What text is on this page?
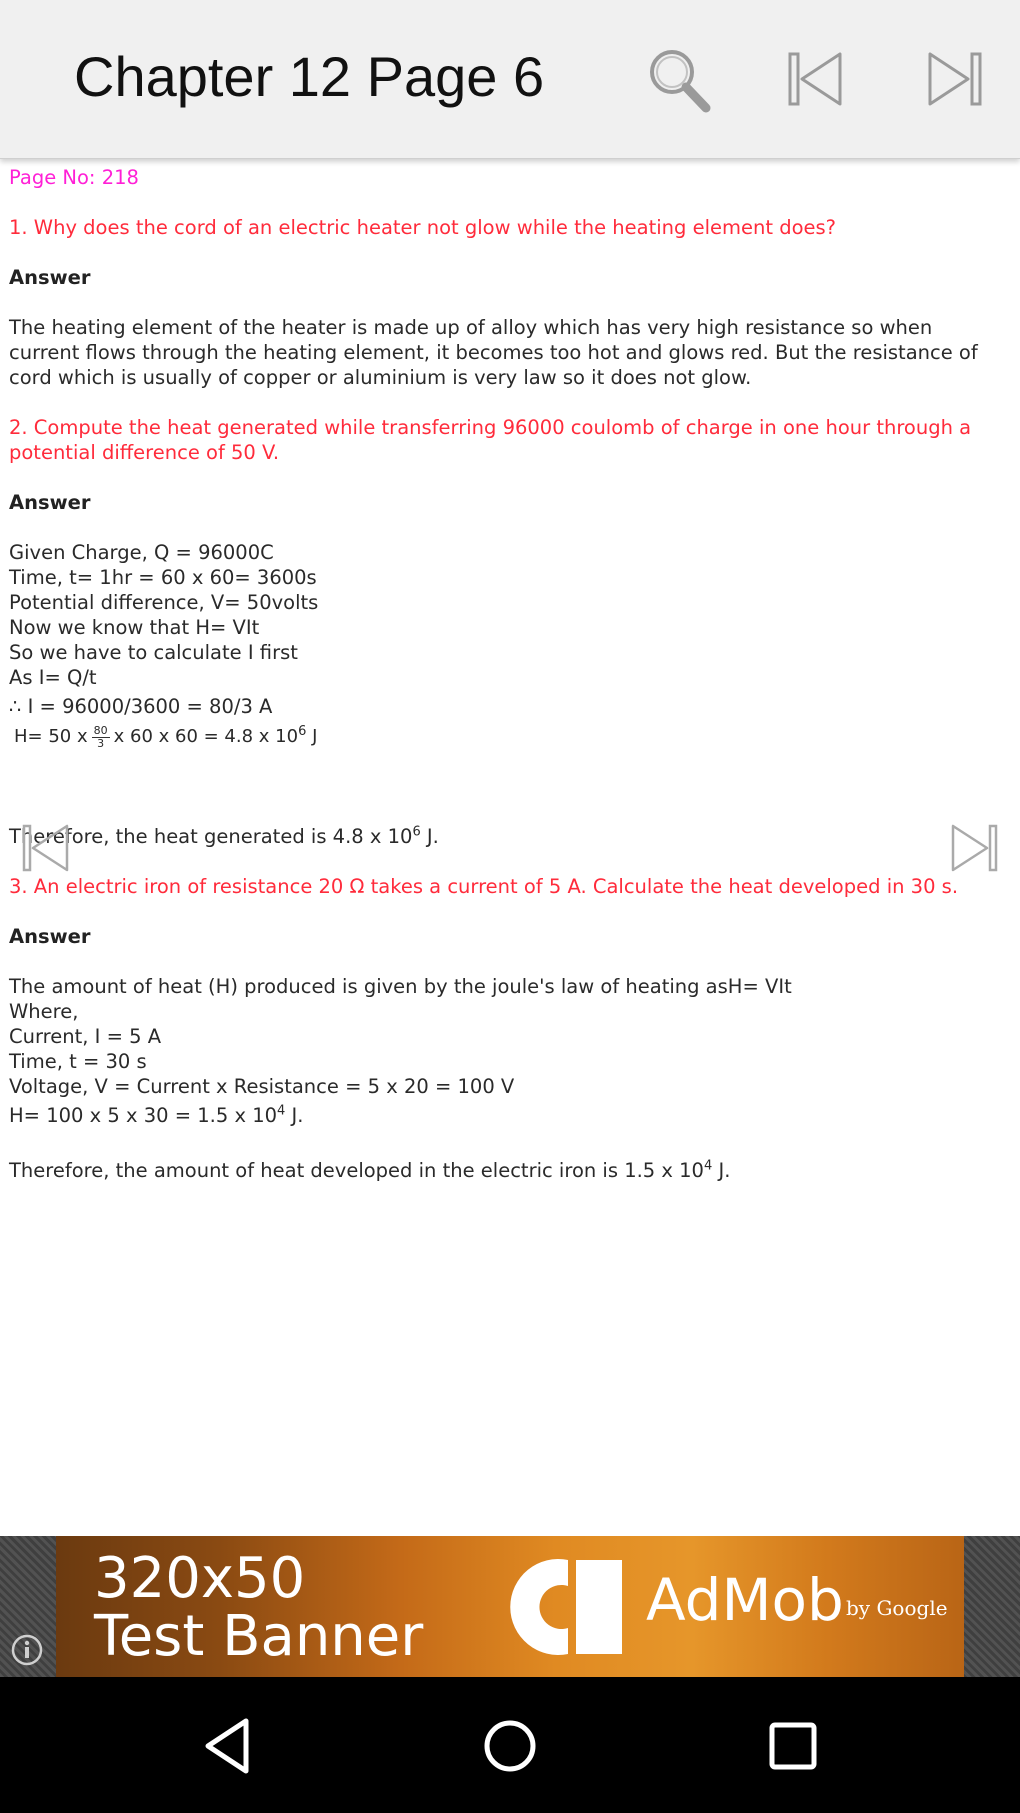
Chapter 12 Page 6

Page No: 218

1. Why does the cord of an electric heater not glow while the heating element does?

Answer

The heating element of the heater is made up of alloy which has very high resistance so when current flows through the heating element, it becomes too hot and glows red. But the resistance of cord which is usually of copper or aluminium is very law so it does not glow.

2. Compute the heat generated while transferring 96000 coulomb of charge in one hour through a

potential difference of 50 V.

Answer

Given Charge, Q = 96000C

Time, t= 1hr = 60 x 60= 3600s

Potential difference, V= 50volts

Now we know that H= VIt

So we have to calculate I first

As I= Q/t

∴ I = 96000/3600 = 80/3 A

H= 50 x $\frac{80}{3}$ x 60 x 60 = 4.8 x $10^6$ J

Therefore, the heat generated is 4.8 x $10^6$ J.

3. An electric iron of resistance 20 Ω takes a current of 5 A. Calculate the heat developed in 30 s.

Answer

The amount of heat (H) produced is given by the joule's law of heating asH= VIt

Where,

Current, I = 5 A

Time, t = 30 s

Voltage, V = Current x Resistance = 5 x 20 = 100 V

H= 100 x 5 x 30 = 1.5 x $10^4$ J.

Therefore, the amount of heat developed in the electric iron is 1.5 x $10^4$ J.

320x50
Test Banner
AdMob by Google
